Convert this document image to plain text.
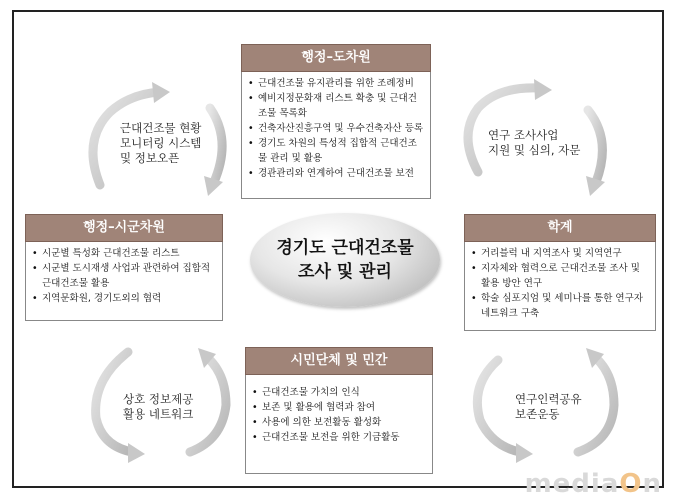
행정–도차원
• 근대건조물 유지관리를 위한 조례정비
• 예비지정문화재 리스트 확충 및 근대건조물 목록화
• 건축자산진흥구역 및 우수건축자산 등록
• 경기도 차원의 특성적 집합적 근대건조물 관리 및 활용
• 경관관리와 연계하여 근대건조물 보전
행정–시군차원
• 시군별 특성화 근대건조물 리스트
• 시군별 도시재생 사업과 관련하여 집합적 근대건조물 활용
• 지역문화원, 경기도외의 협력
학계
• 거리블럭 내 지역조사 및 지역연구
• 지자체와 협력으로 근대건조물 조사 및 활용 방안 연구
• 학술 심포지엄 및 세미나를 통한 연구자 네트워크 구축
시민단체 및 민간
• 근대건조물 가치의 인식
• 보존 및 활용에 협력과 참여
• 사용에 의한 보전활동 활성화
• 근대건조물 보전을 위한 기금활동
경기도 근대건조물
조사 및 관리
근대건조물 현황
모니터링 시스템
및 정보오픈
연구 조사사업
지원 및 심의, 자문
상호 정보제공
활용 네트워크
연구인력공유
보존운동
mediaOn
